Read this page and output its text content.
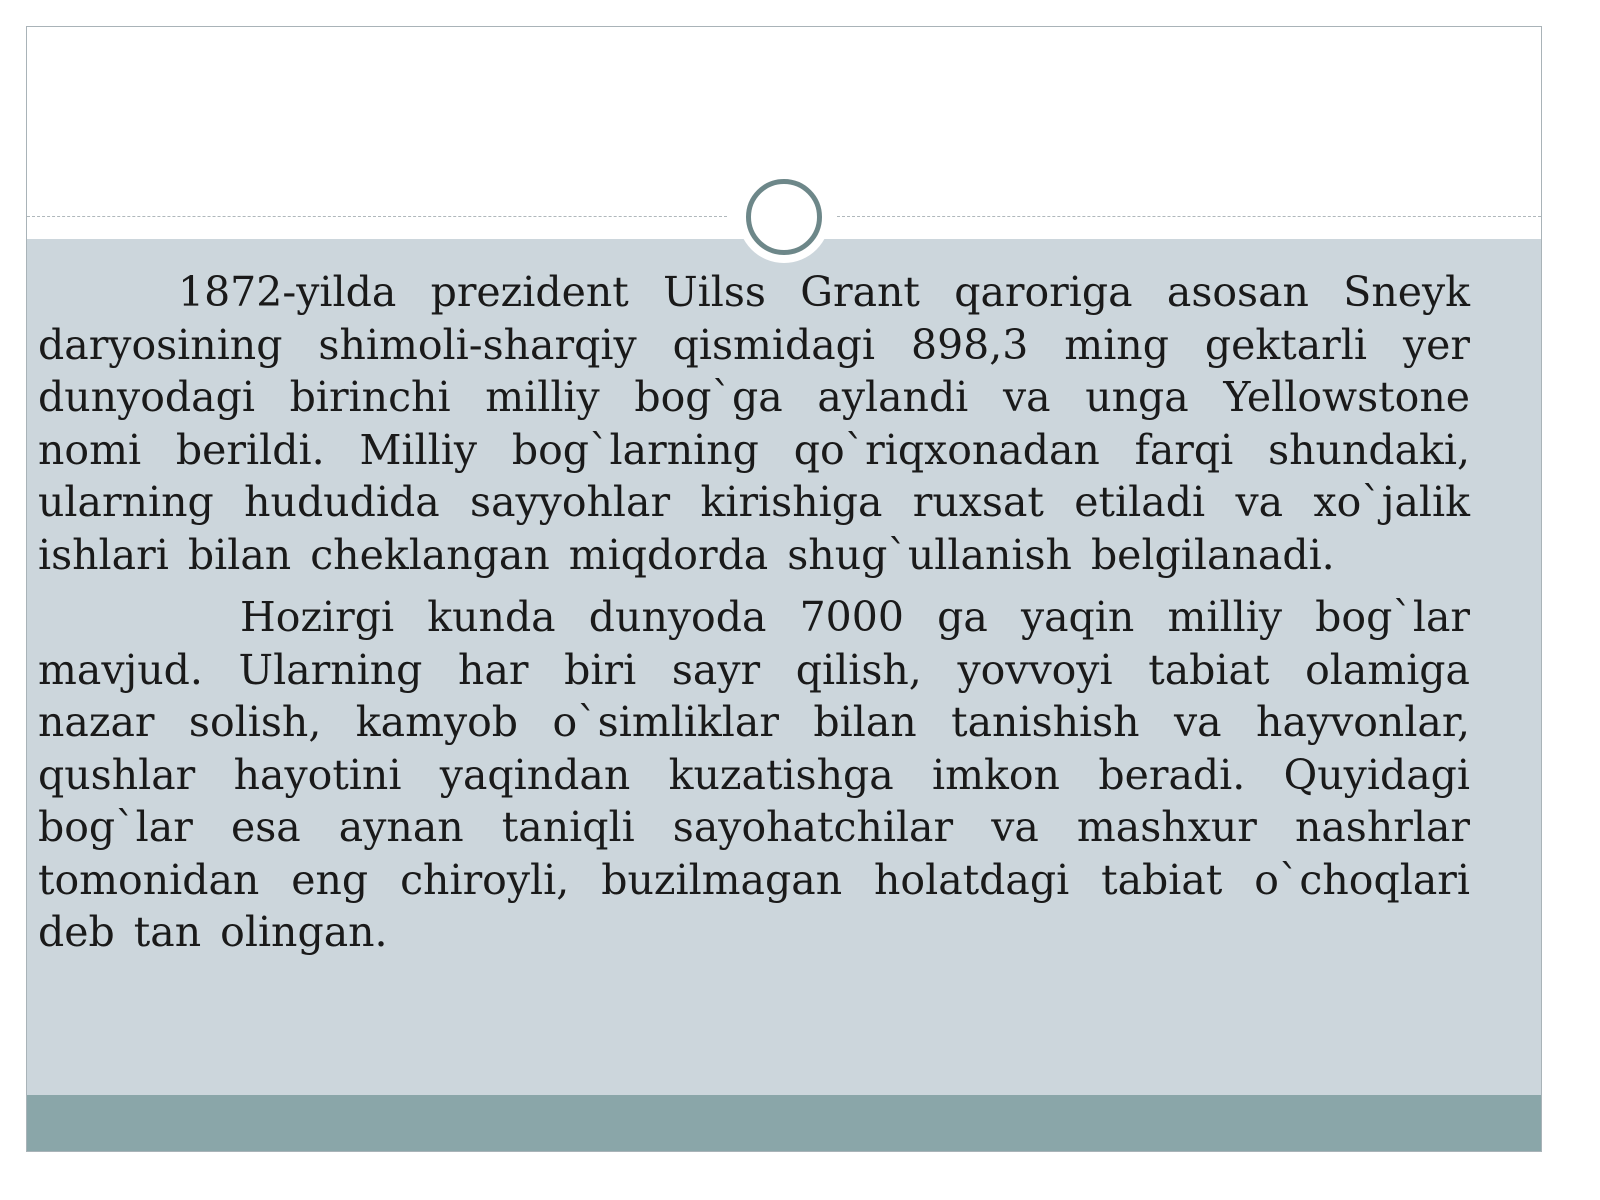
1872-yilda prezident Uilss Grant qaroriga asosan Sneyk daryosining shimoli-sharqiy qismidagi 898,3 ming gektarli yer dunyodagi birinchi milliy bog`ga aylandi va unga Yellowstone nomi berildi. Milliy bog`larning qo`riqxonadan farqi shundaki, ularning hududida sayyohlar kirishiga ruxsat etiladi va xo`jalik ishlari bilan cheklangan miqdorda shug`ullanish belgilanadi.

Hozirgi kunda dunyoda 7000 ga yaqin milliy bog`lar mavjud. Ularning har biri sayr qilish, yovvoyi tabiat olamiga nazar solish, kamyob o`simliklar bilan tanishish va hayvonlar, qushlar hayotini yaqindan kuzatishga imkon beradi. Quyidagi bog`lar esa aynan taniqli sayohatchilar va mashxur nashrlar tomonidan eng chiroyli, buzilmagan holatdagi tabiat o`choqlari deb tan olingan.
